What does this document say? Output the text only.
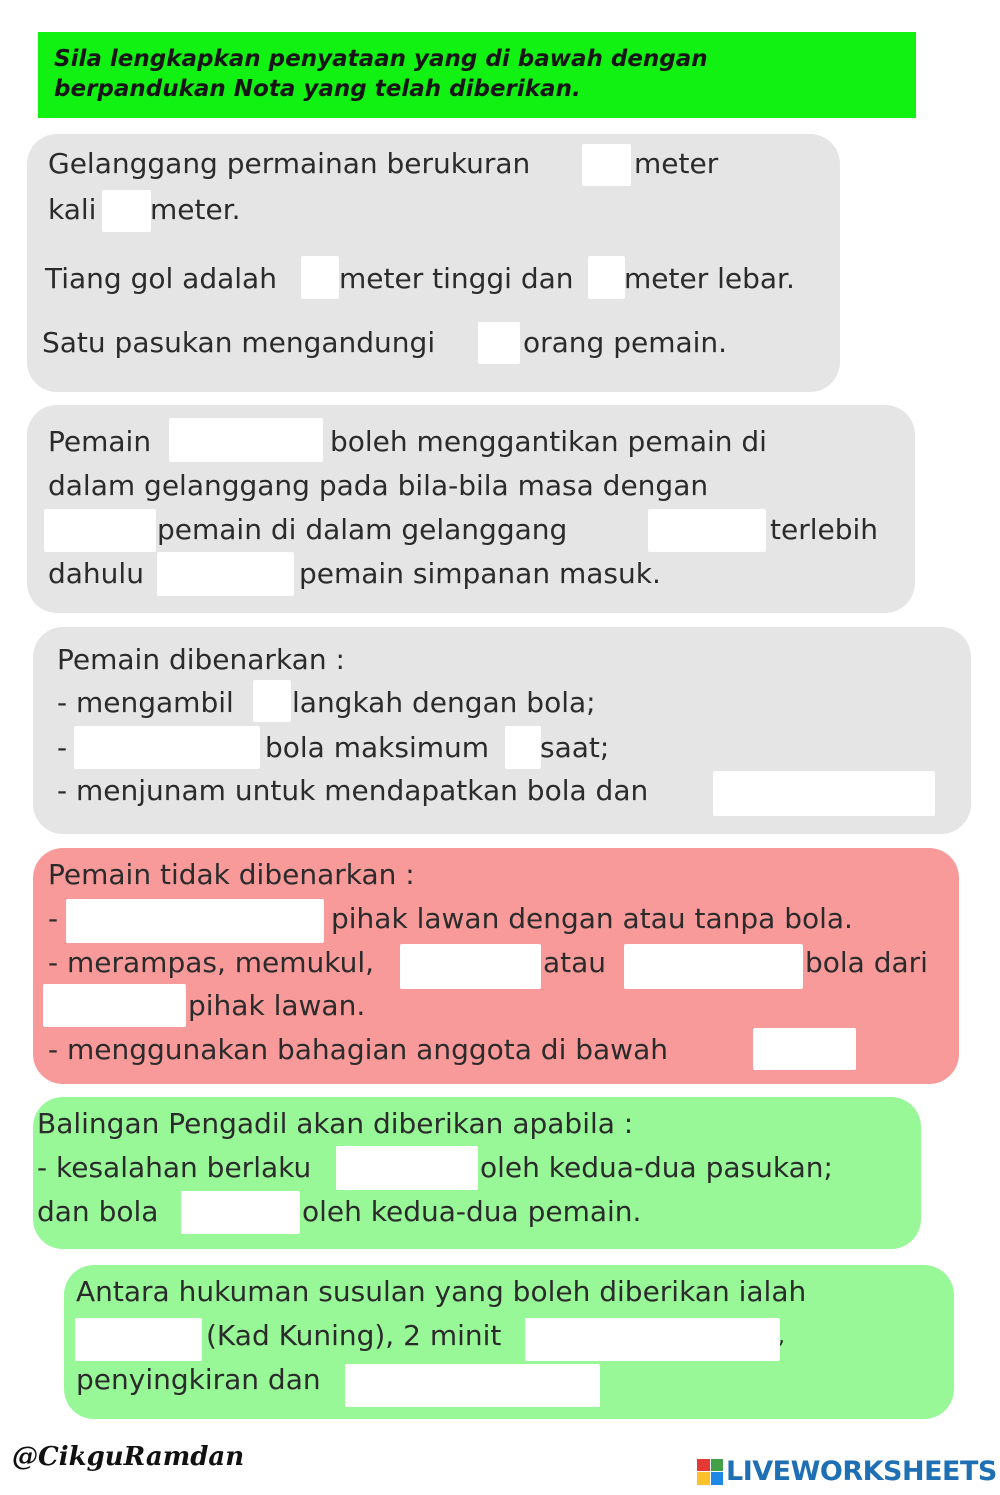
Sila lengkapkan penyataan yang di bawah dengan
berpandukan Nota yang telah diberikan.
Gelanggang permainan berukuran	meter
kali meter.
Tiang gol adalah meter tinggi dan meter lebar.
Satu pasukan mengandungi	orang pemain.
Pemain	boleh menggantikan pemain di
dalam gelanggang pada bila-bila masa dengan
pemain di dalam gelanggang	terlebih
dahulu	pemain simpanan masuk.
Pemain dibenarkan :
- mengambil langkah dengan bola;
-	bola maksimum saat;
- menjunam untuk mendapatkan bola dan
Pemain tidak dibenarkan :
-	pihak lawan dengan atau tanpa bola.
- merampas, memukul,	atau	bola dari
pihak lawan.
- menggunakan bahagian anggota di bawah
Balingan Pengadil akan diberikan apabila :
- kesalahan berlaku	oleh kedua-dua pasukan;
dan bola	oleh kedua-dua pemain.
Antara hukuman susulan yang boleh diberikan ialah
(Kad Kuning), 2 minit	,
penyingkiran dan
@CikguRamdan	LIVEWORKSHEETS
